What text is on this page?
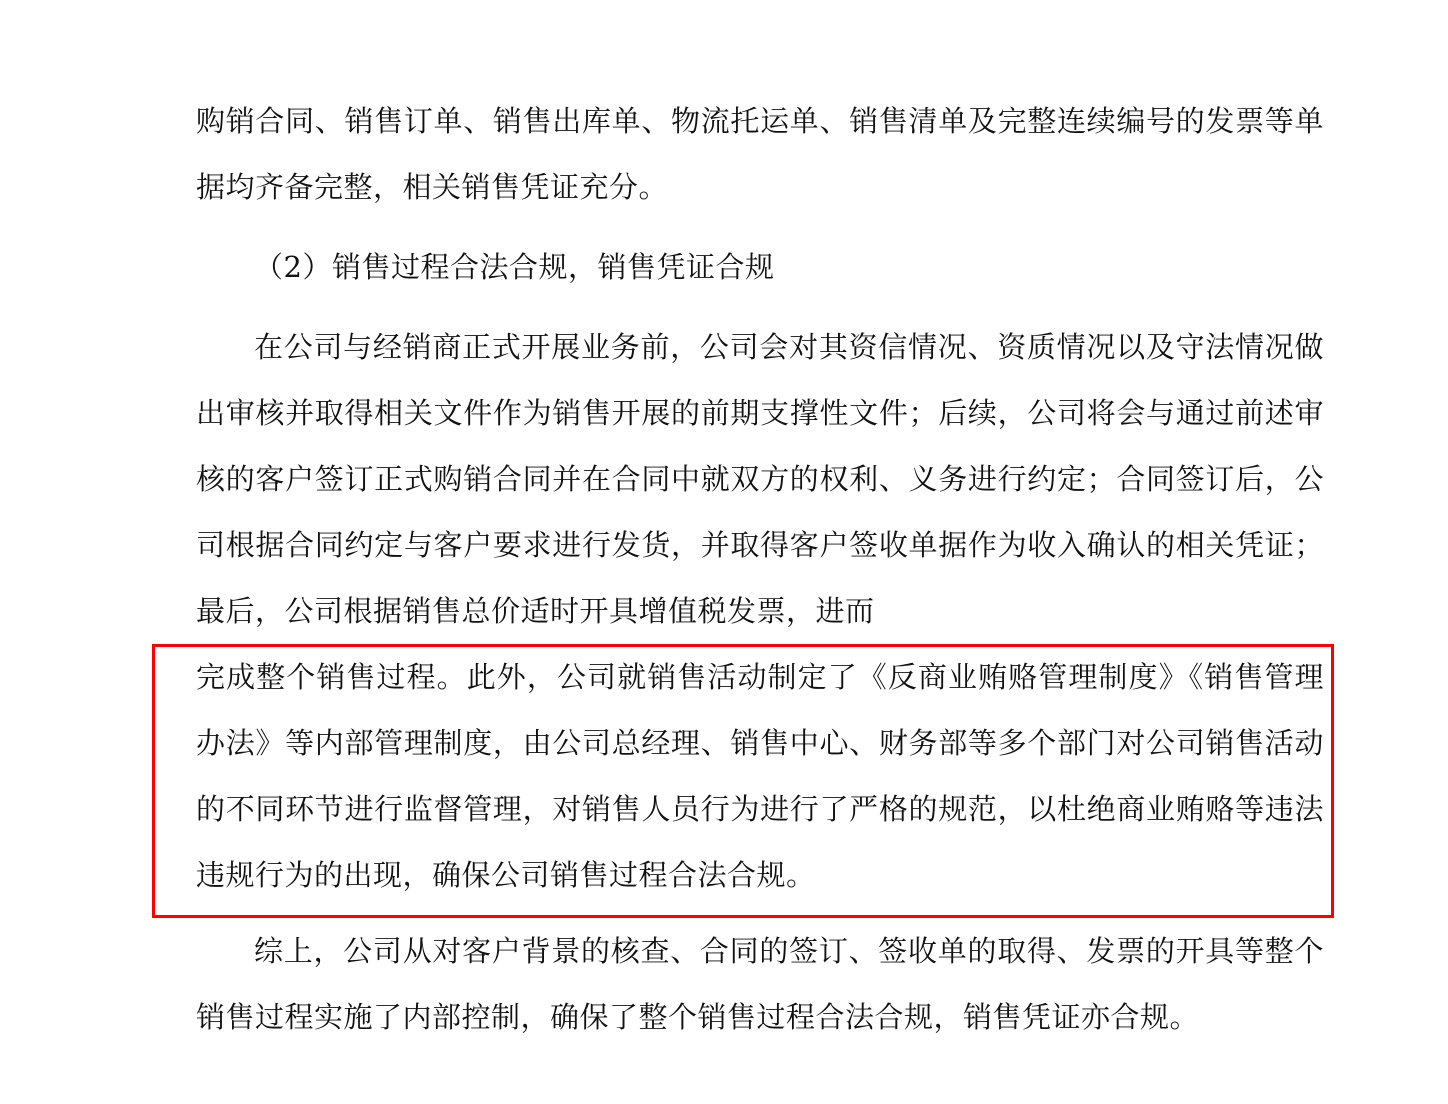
购销合同、销售订单、销售出库单、物流托运单、销售清单及完整连续编号的发票等单据均齐备完整，相关销售凭证充分。

（2）销售过程合法合规，销售凭证合规

在公司与经销商正式开展业务前，公司会对其资信情况、资质情况以及守法情况做出审核并取得相关文件作为销售开展的前期支撑性文件；后续，公司将会与通过前述审核的客户签订正式购销合同并在合同中就双方的权利、义务进行约定；合同签订后，公司根据合同约定与客户要求进行发货，并取得客户签收单据作为收入确认的相关凭证；最后，公司根据销售总价适时开具增值税发票，进而

完成整个销售过程。此外，公司就销售活动制定了《反商业贿赂管理制度》《销售管理办法》等内部管理制度，由公司总经理、销售中心、财务部等多个部门对公司销售活动的不同环节进行监督管理，对销售人员行为进行了严格的规范，以杜绝商业贿赂等违法违规行为的出现，确保公司销售过程合法合规。

综上，公司从对客户背景的核查、合同的签订、签收单的取得、发票的开具等整个销售过程实施了内部控制，确保了整个销售过程合法合规，销售凭证亦合规。
